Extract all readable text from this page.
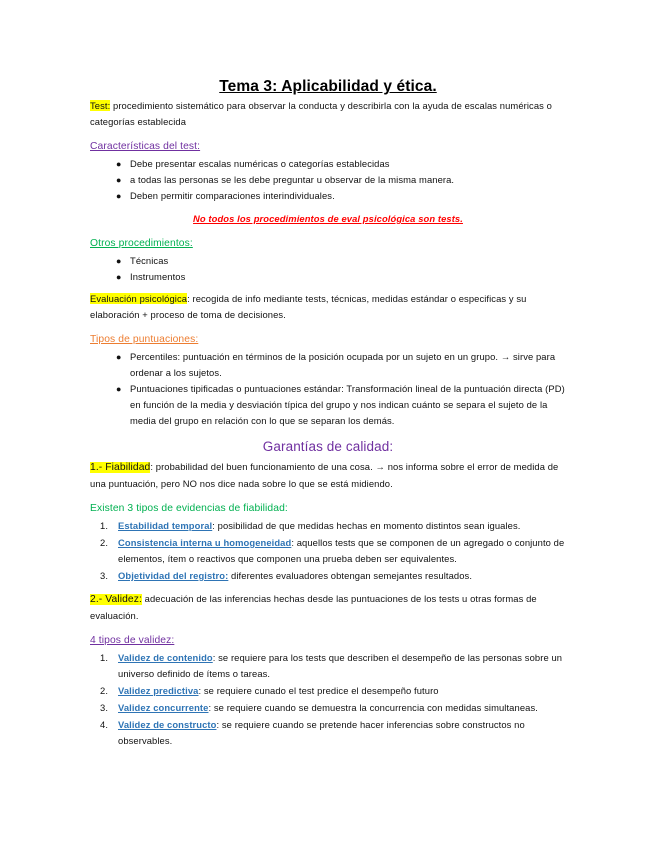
Tema 3: Aplicabilidad y ética.

Test: procedimiento sistemático para observar la conducta y describirla con la ayuda de escalas numéricas o categorías establecida

Características del test:
● Debe presentar escalas numéricas o categorías establecidas
● a todas las personas se les debe preguntar u observar de la misma manera.
● Deben permitir comparaciones interindividuales.
No todos los procedimientos de eval psicológica son tests.
Otros procedimientos:
● Técnicas
● Instrumentos

Evaluación psicológica: recogida de info mediante tests, técnicas, medidas estándar o especificas y su elaboración + proceso de toma de decisiones.

Tipos de puntuaciones:
● Percentiles: puntuación en términos de la posición ocupada por un sujeto en un grupo. → sirve para ordenar a los sujetos.
● Puntuaciones tipificadas o puntuaciones estándar: Transformación lineal de la puntuación directa (PD) en función de la media y desviación típica del grupo y nos indican cuánto se separa el sujeto de la media del grupo en relación con lo que se separan los demás.
Garantías de calidad:

1.- Fiabilidad: probabilidad del buen funcionamiento de una cosa. → nos informa sobre el error de medida de una puntuación, pero NO nos dice nada sobre lo que se está midiendo.

Existen 3 tipos de evidencias de fiabilidad:
1. Estabilidad temporal: posibilidad de que medidas hechas en momento distintos sean iguales.
2. Consistencia interna u homogeneidad: aquellos tests que se componen de un agregado o conjunto de elementos, ítem o reactivos que componen una prueba deben ser equivalentes.
3. Objetividad del registro: diferentes evaluadores obtengan semejantes resultados.

2.- Validez: adecuación de las inferencias hechas desde las puntuaciones de los tests u otras formas de evaluación.

4 tipos de validez:
1. Validez de contenido: se requiere para los tests que describen el desempeño de las personas sobre un universo definido de ítems o tareas.
2. Validez predictiva: se requiere cunado el test predice el desempeño futuro
3. Validez concurrente: se requiere cuando se demuestra la concurrencia con medidas simultaneas.
4. Validez de constructo: se requiere cuando se pretende hacer inferencias sobre constructos no observables.
